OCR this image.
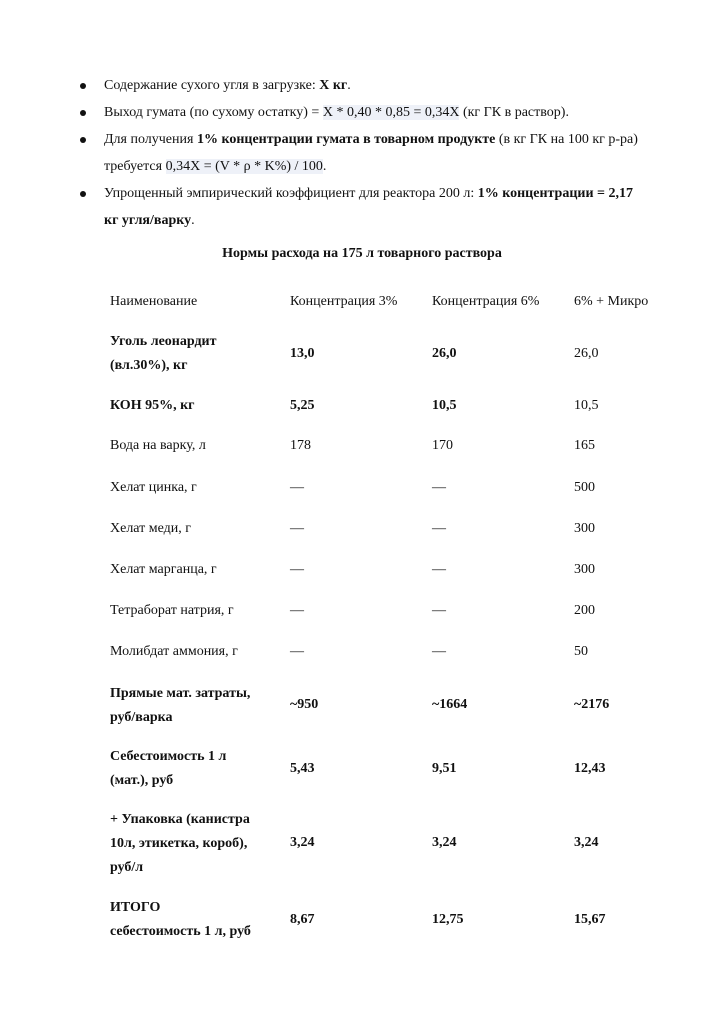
Содержание сухого угля в загрузке: X кг.
Выход гумата (по сухому остатку) = X * 0,40 * 0,85 = 0,34X (кг ГК в раствор).
Для получения 1% концентрации гумата в товарном продукте (в кг ГК на 100 кг р-ра)
требуется 0,34X = (V * ρ * K%) / 100.
Упрощенный эмпирический коэффициент для реактора 200 л: 1% концентрации = 2,17
кг угля/варку.
Нормы расхода на 175 л товарного раствора
Наименование	Концентрация 3% Концентрация 6% 6% + Микро
Уголь леонардит
(вл.30%), кг
13,0	26,0	26,0
КОН 95%, кг	5,25	10,5	10,5
Вода на варку, л	178	170	165
Хелат цинка, г	—	—	500
Хелат меди, г	—	—	300
Хелат марганца, г	—	—	300
Тетраборат натрия, г	—	—	200
Молибдат аммония, г	—	—	50
Прямые мат. затраты,
руб/варка
~950	~1664	~2176
Себестоимость 1 л
(мат.), руб
5,43	9,51	12,43
+ Упаковка (канистра
10л, этикетка, короб),
руб/л
3,24	3,24	3,24
ИТОГО
себестоимость 1 л, руб
8,67	12,75	15,67
